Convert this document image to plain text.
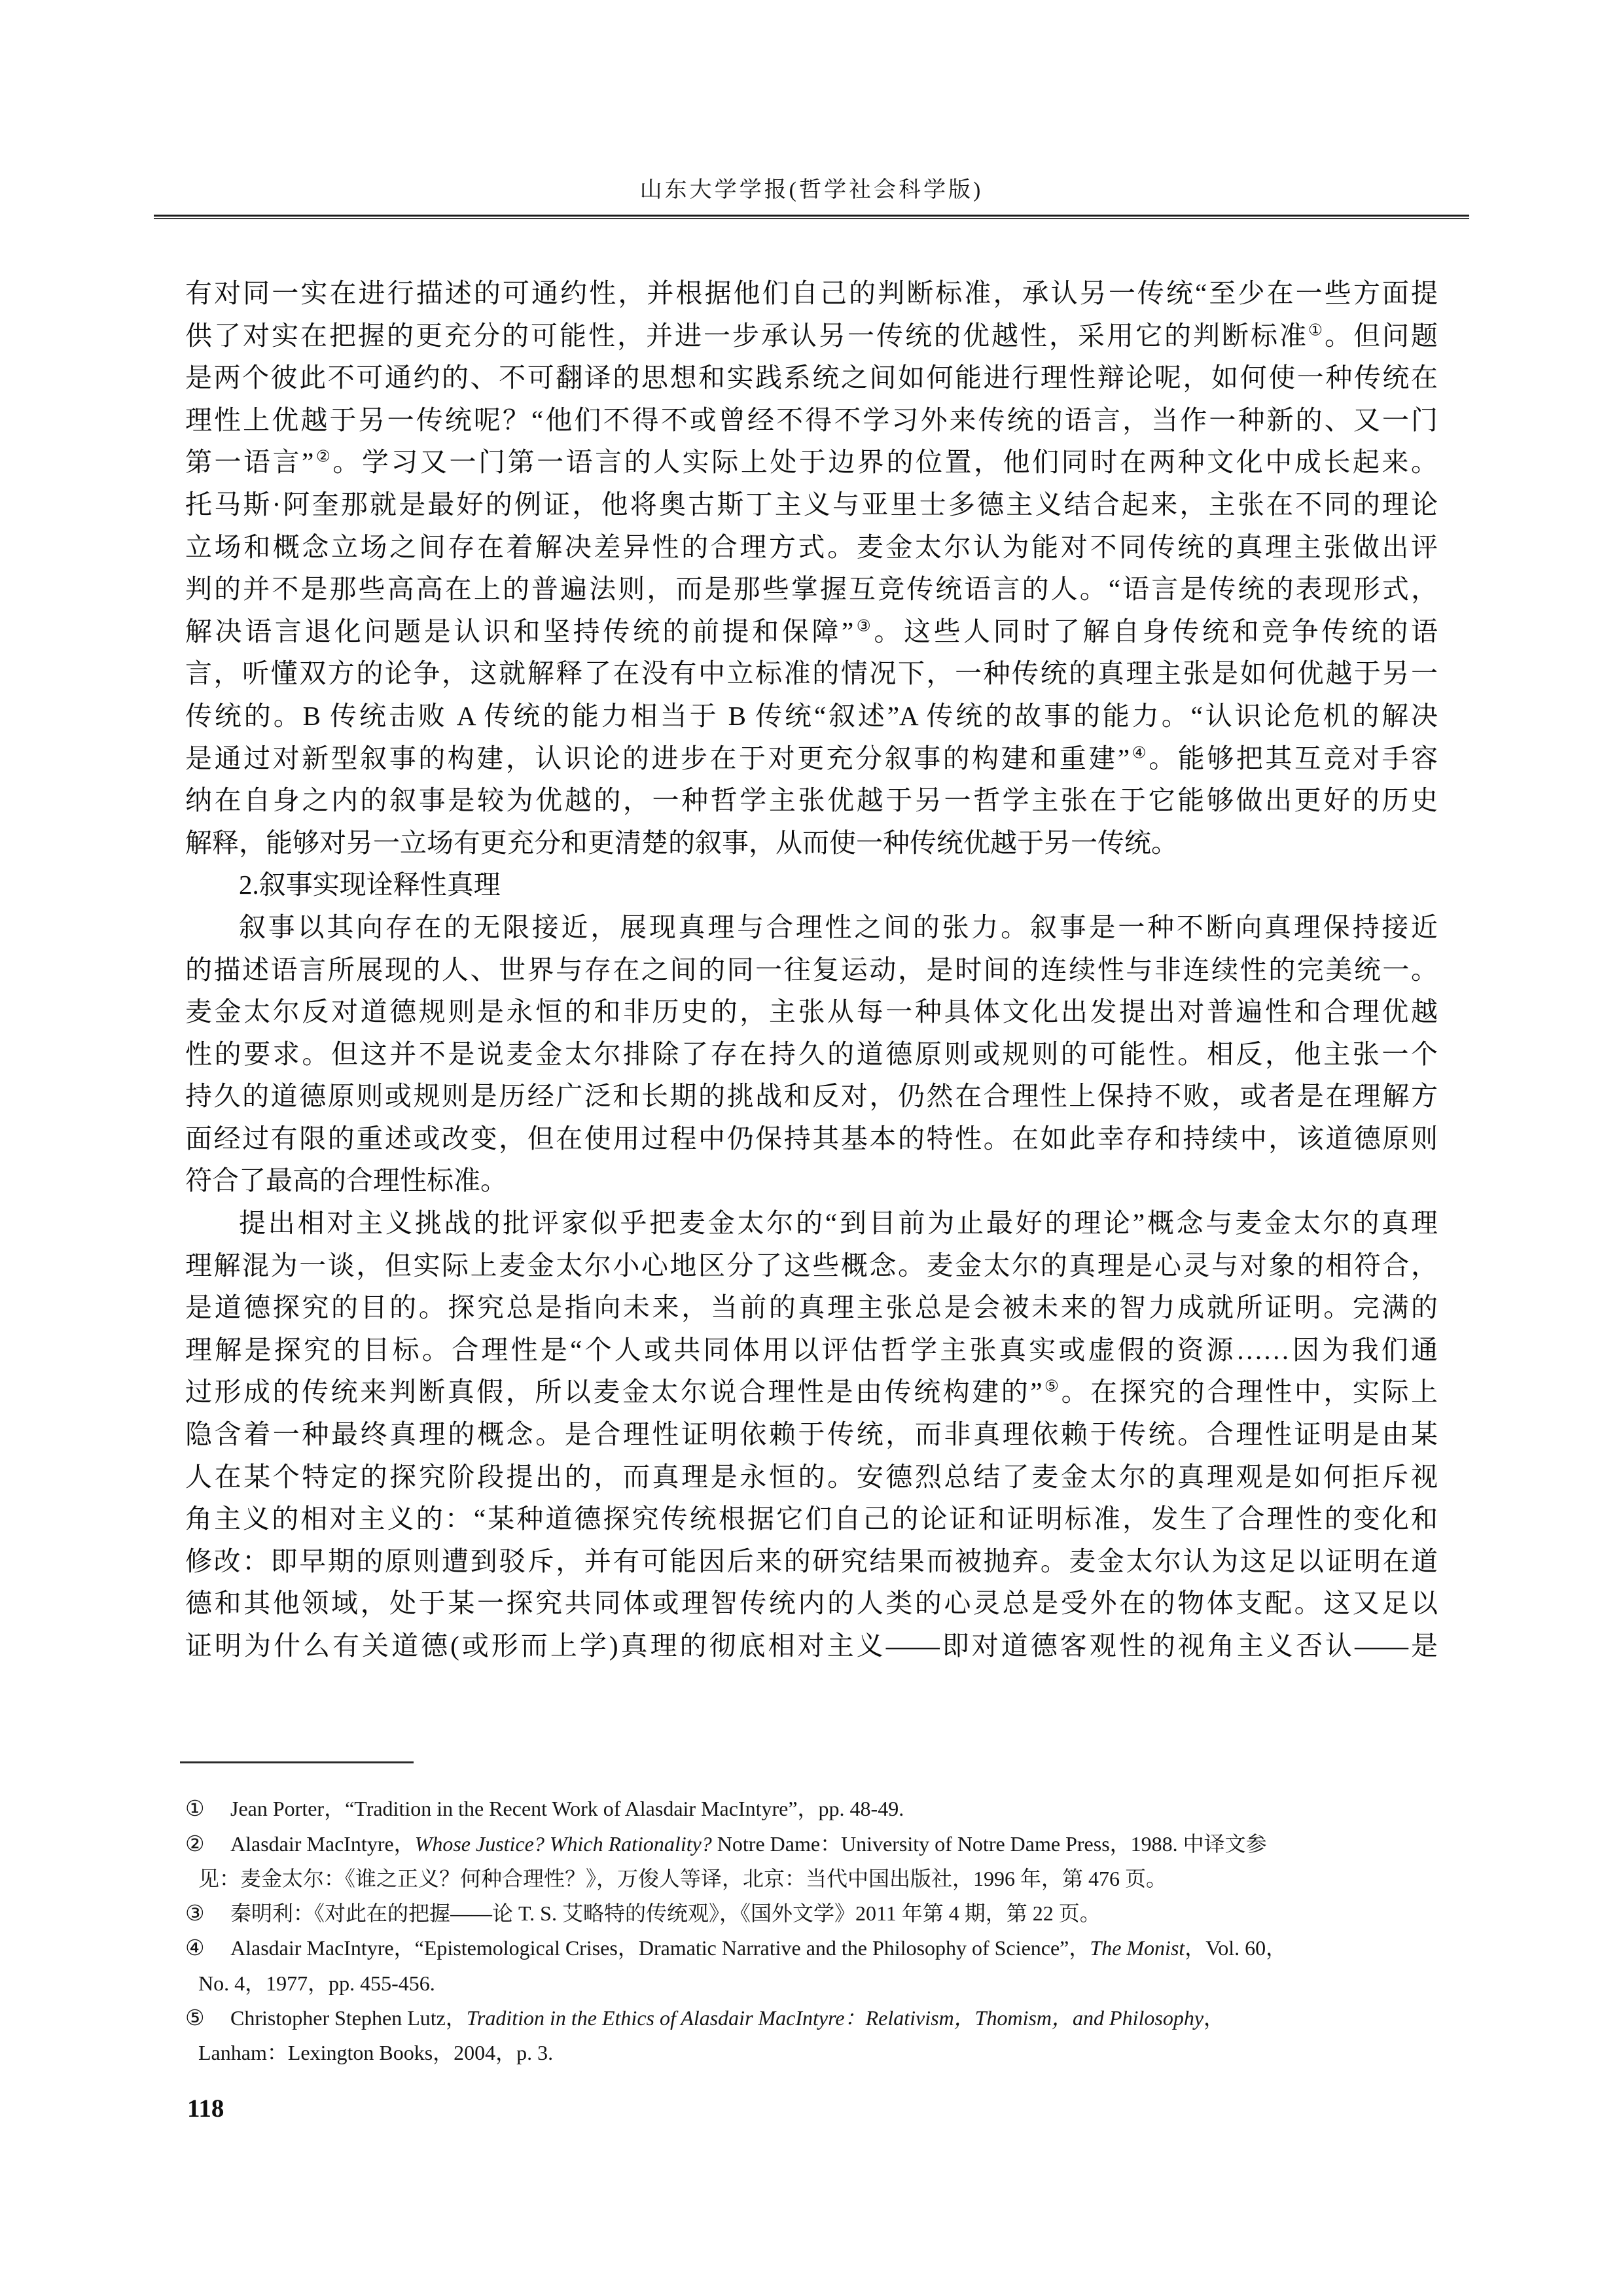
山东大学学报(哲学社会科学版)
有对同一实在进行描述的可通约性，并根据他们自己的判断标准，承认另一传统“至少在一些方面提
供了对实在把握的更充分的可能性，并进一步承认另一传统的优越性，采用它的判断标准①。但问题
是两个彼此不可通约的、不可翻译的思想和实践系统之间如何能进行理性辩论呢，如何使一种传统在
理性上优越于另一传统呢？“他们不得不或曾经不得不学习外来传统的语言，当作一种新的、又一门
第一语言”②。学习又一门第一语言的人实际上处于边界的位置，他们同时在两种文化中成长起来。
托马斯·阿奎那就是最好的例证，他将奥古斯丁主义与亚里士多德主义结合起来，主张在不同的理论
立场和概念立场之间存在着解决差异性的合理方式。麦金太尔认为能对不同传统的真理主张做出评
判的并不是那些高高在上的普遍法则，而是那些掌握互竞传统语言的人。“语言是传统的表现形式，
解决语言退化问题是认识和坚持传统的前提和保障”③。这些人同时了解自身传统和竞争传统的语
言，听懂双方的论争，这就解释了在没有中立标准的情况下，一种传统的真理主张是如何优越于另一
传统的。B 传统击败 A 传统的能力相当于 B 传统“叙述”A 传统的故事的能力。“认识论危机的解决
是通过对新型叙事的构建，认识论的进步在于对更充分叙事的构建和重建”④。能够把其互竞对手容
纳在自身之内的叙事是较为优越的，一种哲学主张优越于另一哲学主张在于它能够做出更好的历史
解释，能够对另一立场有更充分和更清楚的叙事，从而使一种传统优越于另一传统。
2.叙事实现诠释性真理
叙事以其向存在的无限接近，展现真理与合理性之间的张力。叙事是一种不断向真理保持接近
的描述语言所展现的人、世界与存在之间的同一往复运动，是时间的连续性与非连续性的完美统一。
麦金太尔反对道德规则是永恒的和非历史的，主张从每一种具体文化出发提出对普遍性和合理优越
性的要求。但这并不是说麦金太尔排除了存在持久的道德原则或规则的可能性。相反，他主张一个
持久的道德原则或规则是历经广泛和长期的挑战和反对，仍然在合理性上保持不败，或者是在理解方
面经过有限的重述或改变，但在使用过程中仍保持其基本的特性。在如此幸存和持续中，该道德原则
符合了最高的合理性标准。
提出相对主义挑战的批评家似乎把麦金太尔的“到目前为止最好的理论”概念与麦金太尔的真理
理解混为一谈，但实际上麦金太尔小心地区分了这些概念。麦金太尔的真理是心灵与对象的相符合，
是道德探究的目的。探究总是指向未来，当前的真理主张总是会被未来的智力成就所证明。完满的
理解是探究的目标。合理性是“个人或共同体用以评估哲学主张真实或虚假的资源……因为我们通
过形成的传统来判断真假，所以麦金太尔说合理性是由传统构建的”⑤。在探究的合理性中，实际上
隐含着一种最终真理的概念。是合理性证明依赖于传统，而非真理依赖于传统。合理性证明是由某
人在某个特定的探究阶段提出的，而真理是永恒的。安德烈总结了麦金太尔的真理观是如何拒斥视
角主义的相对主义的：“某种道德探究传统根据它们自己的论证和证明标准，发生了合理性的变化和
修改：即早期的原则遭到驳斥，并有可能因后来的研究结果而被抛弃。麦金太尔认为这足以证明在道
德和其他领域，处于某一探究共同体或理智传统内的人类的心灵总是受外在的物体支配。这又足以
证明为什么有关道德(或形而上学)真理的彻底相对主义——即对道德客观性的视角主义否认——是
①	Jean Porter，“Tradition in the Recent Work of Alasdair MacIntyre”，pp. 48-49.
②	Alasdair MacIntyre，Whose Justice? Which Rationality? Notre Dame：University of Notre Dame Press，1988. 中译文参
见：麦金太尔：《谁之正义？何种合理性？》，万俊人等译，北京：当代中国出版社，1996 年，第 476 页。
③	秦明利：《对此在的把握——论 T. S. 艾略特的传统观》，《国外文学》2011 年第 4 期，第 22 页。
④	Alasdair MacIntyre，“Epistemological Crises，Dramatic Narrative and the Philosophy of Science”，The Monist，Vol. 60，
No. 4，1977，pp. 455-456.
⑤	Christopher Stephen Lutz，Tradition in the Ethics of Alasdair MacIntyre：Relativism，Thomism，and Philosophy，
Lanham：Lexington Books，2004，p. 3.
118
